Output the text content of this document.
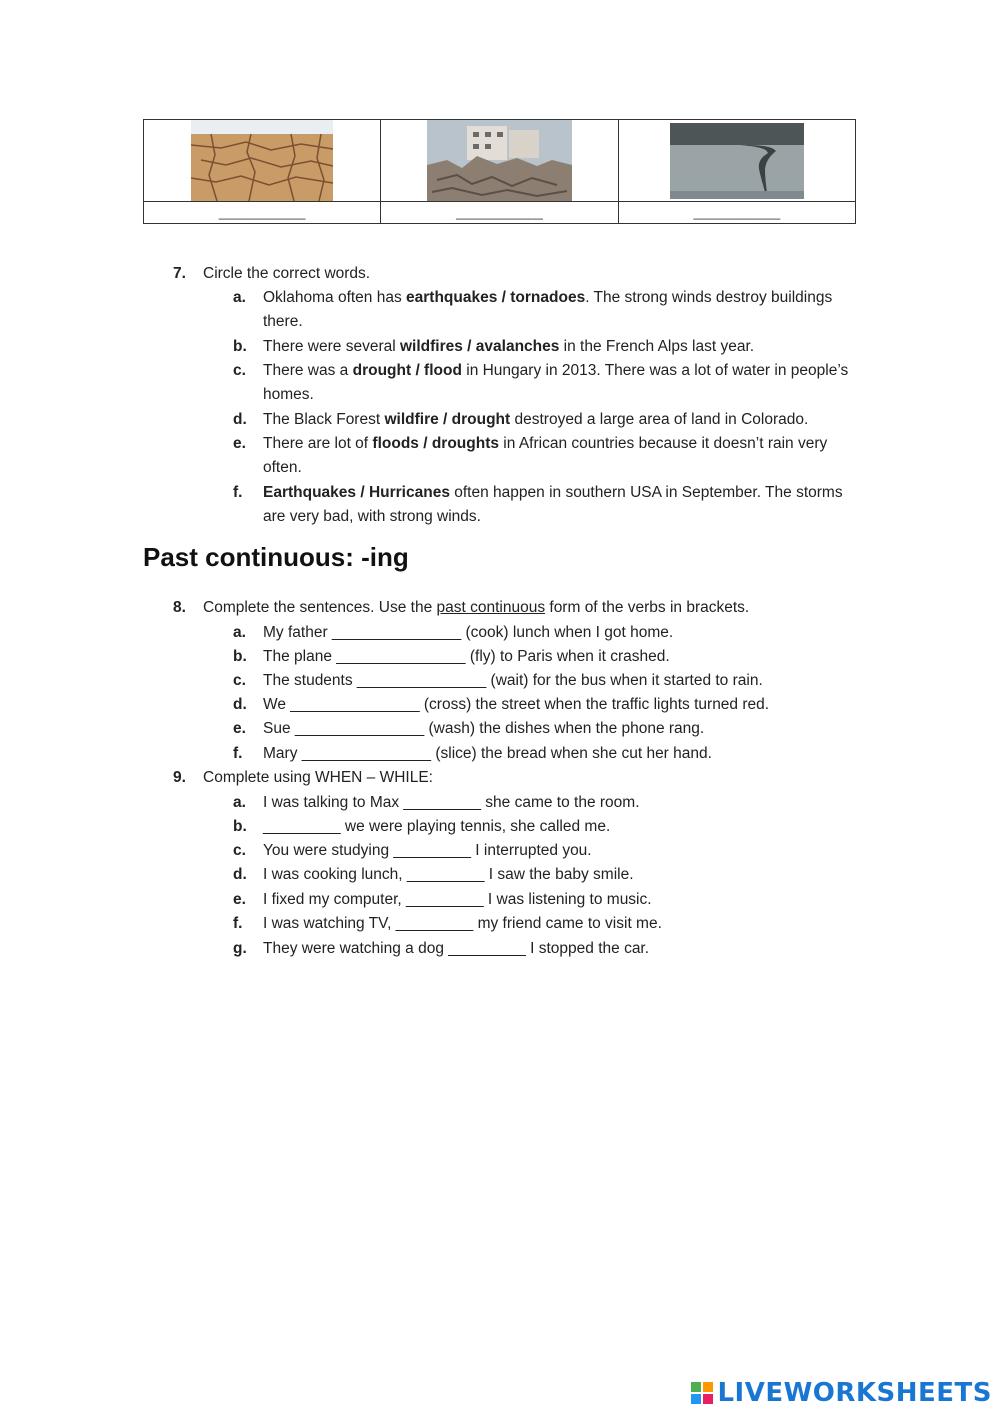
____________	____________	____________
7.	Circle the correct words.
a. Oklahoma often has earthquakes / tornadoes. The strong winds destroy buildings there.
b. There were several wildfires / avalanches in the French Alps last year.
c. There was a drought / flood in Hungary in 2013. There was a lot of water in people’s homes.
d. The Black Forest wildfire / drought destroyed a large area of land in Colorado.
e. There are lot of floods / droughts in African countries because it doesn’t rain very often.
f. Earthquakes / Hurricanes often happen in southern USA in September. The storms are very bad, with strong winds.
Past continuous: -ing
8.	Complete the sentences. Use the past continuous form of the verbs in brackets.
a. My father _______________ (cook) lunch when I got home.
b. The plane _______________ (fly) to Paris when it crashed.
c. The students _______________ (wait) for the bus when it started to rain.
d. We _______________ (cross) the street when the traffic lights turned red.
e. Sue _______________ (wash) the dishes when the phone rang.
f. Mary _______________ (slice) the bread when she cut her hand.
9.	Complete using WHEN – WHILE:
a. I was talking to Max _________ she came to the room.
b. _________ we were playing tennis, she called me.
c. You were studying _________ I interrupted you.
d. I was cooking lunch, _________ I saw the baby smile.
e. I fixed my computer, _________ I was listening to music.
f. I was watching TV, _________ my friend came to visit me.
g. They were watching a dog _________ I stopped the car.
LIVEWORKSHEETS
